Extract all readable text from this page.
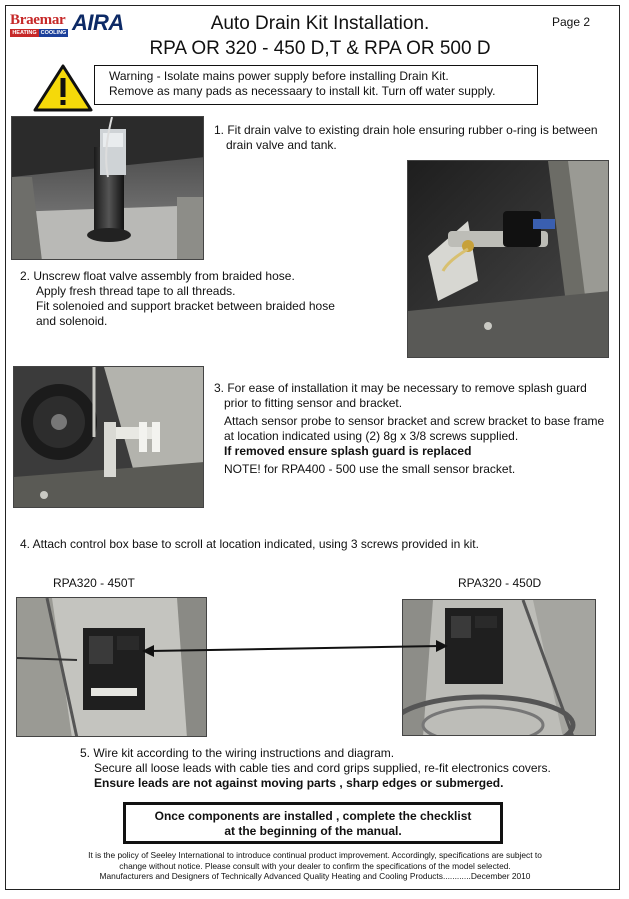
Braemar
HEATING COOLING AIRA	Auto Drain Kit Installation.
RPA OR 320 - 450 D,T & RPA OR 500 D
Page 2
Warning - Isolate mains power supply before installing Drain Kit.
Remove as many pads as necessaary to install kit. Turn off water supply.
1. Fit drain valve to existing drain hole ensuring rubber o-ring is between
drain valve and tank.
2. Unscrew float valve assembly from braided hose.
Apply fresh thread tape to all threads.
Fit solenoied and support bracket between braided hose
and solenoid.
3. For ease of installation it may be necessary to remove splash guard
prior to fitting sensor and bracket.
Attach sensor probe to sensor bracket and screw bracket to base frame
at location indicated using (2) 8g x 3/8 screws supplied.
If removed ensure splash guard is replaced
NOTE! for RPA400 - 500 use the small sensor bracket.
4. Attach control box base to scroll at location indicated, using 3 screws provided in kit.
RPA320 - 450T	RPA320 - 450D
5. Wire kit according to the wiring instructions and diagram.
Secure all loose leads with cable ties and cord grips supplied, re-fit electronics covers.
Ensure leads are not against moving parts , sharp edges or submerged.
Once components are installed , complete the checklist
at the beginning of the manual.
It is the policy of Seeley International to introduce continual product improvement. Accordingly, specifications are subject to
change without notice. Please consult with your dealer to confirm the specifications of the model selected.
Manufacturers and Designers of Technically Advanced Quality Heating and Cooling Products............December 2010
